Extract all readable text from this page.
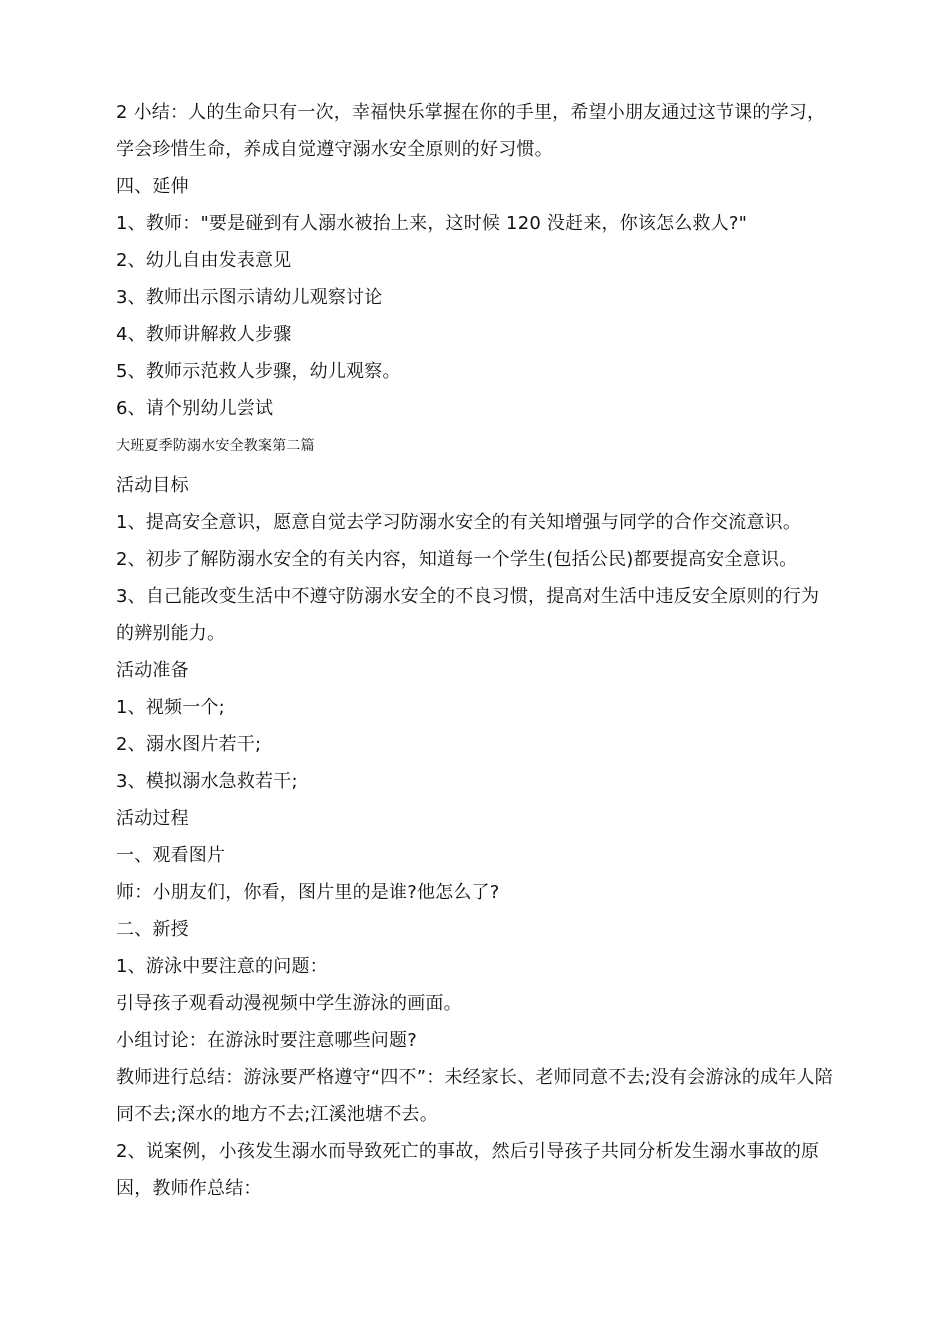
2 小结：人的生命只有一次，幸福快乐掌握在你的手里，希望小朋友通过这节课的学习，学会珍惜生命，养成自觉遵守溺水安全原则的好习惯。

四、延伸

1、教师："要是碰到有人溺水被抬上来，这时候 120 没赶来，你该怎么救人?"

2、幼儿自由发表意见

3、教师出示图示请幼儿观察讨论

4、教师讲解救人步骤

5、教师示范救人步骤，幼儿观察。

6、请个别幼儿尝试

大班夏季防溺水安全教案第二篇

活动目标

1、提高安全意识，愿意自觉去学习防溺水安全的有关知增强与同学的合作交流意识。

2、初步了解防溺水安全的有关内容，知道每一个学生(包括公民)都要提高安全意识。

3、自己能改变生活中不遵守防溺水安全的不良习惯，提高对生活中违反安全原则的行为的辨别能力。

活动准备

1、视频一个;

2、溺水图片若干;

3、模拟溺水急救若干;

活动过程

一、观看图片

师：小朋友们，你看，图片里的是谁?他怎么了?

二、新授

1、游泳中要注意的问题：

引导孩子观看动漫视频中学生游泳的画面。

小组讨论：在游泳时要注意哪些问题?

教师进行总结：游泳要严格遵守“四不”：未经家长、老师同意不去;没有会游泳的成年人陪同不去;深水的地方不去;江溪池塘不去。

2、说案例，小孩发生溺水而导致死亡的事故，然后引导孩子共同分析发生溺水事故的原因，教师作总结：
